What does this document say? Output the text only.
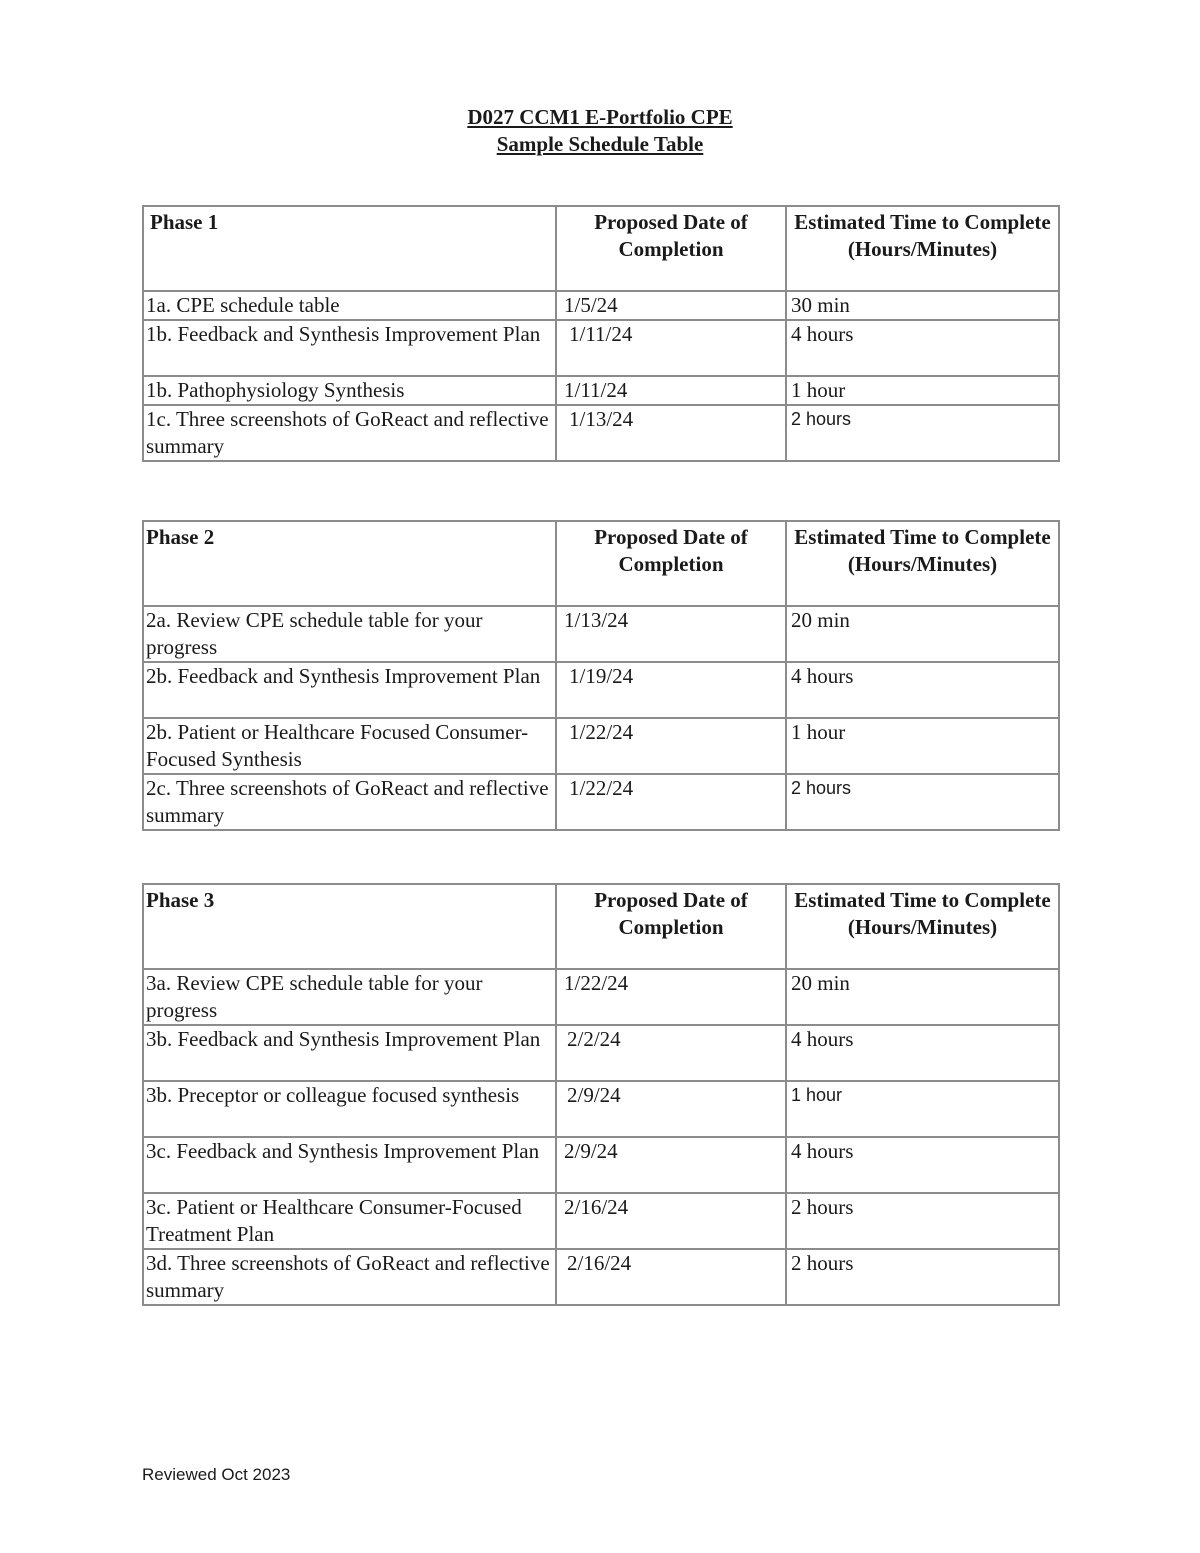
D027 CCM1 E-Portfolio CPE
Sample Schedule Table
Phase 1	Proposed Date of Completion	Estimated Time to Complete (Hours/Minutes)
1a. CPE schedule table	1/5/24	30 min
1b. Feedback and Synthesis Improvement Plan	1/11/24	4 hours
1b. Pathophysiology Synthesis	1/11/24	1 hour
1c. Three screenshots of GoReact and reflective summary	1/13/24	2 hours
Phase 2	Proposed Date of Completion	Estimated Time to Complete (Hours/Minutes)
2a. Review CPE schedule table for your progress	1/13/24	20 min
2b. Feedback and Synthesis Improvement Plan	1/19/24	4 hours
2b. Patient or Healthcare Focused Consumer-Focused Synthesis	1/22/24	1 hour
2c. Three screenshots of GoReact and reflective summary	1/22/24	2 hours
Phase 3	Proposed Date of Completion	Estimated Time to Complete (Hours/Minutes)
3a. Review CPE schedule table for your progress	1/22/24	20 min
3b. Feedback and Synthesis Improvement Plan	2/2/24	4 hours
3b. Preceptor or colleague focused synthesis	2/9/24	1 hour
3c. Feedback and Synthesis Improvement Plan	2/9/24	4 hours
3c. Patient or Healthcare Consumer-Focused Treatment Plan	2/16/24	2 hours
3d. Three screenshots of GoReact and reflective summary	2/16/24	2 hours
Reviewed Oct 2023
